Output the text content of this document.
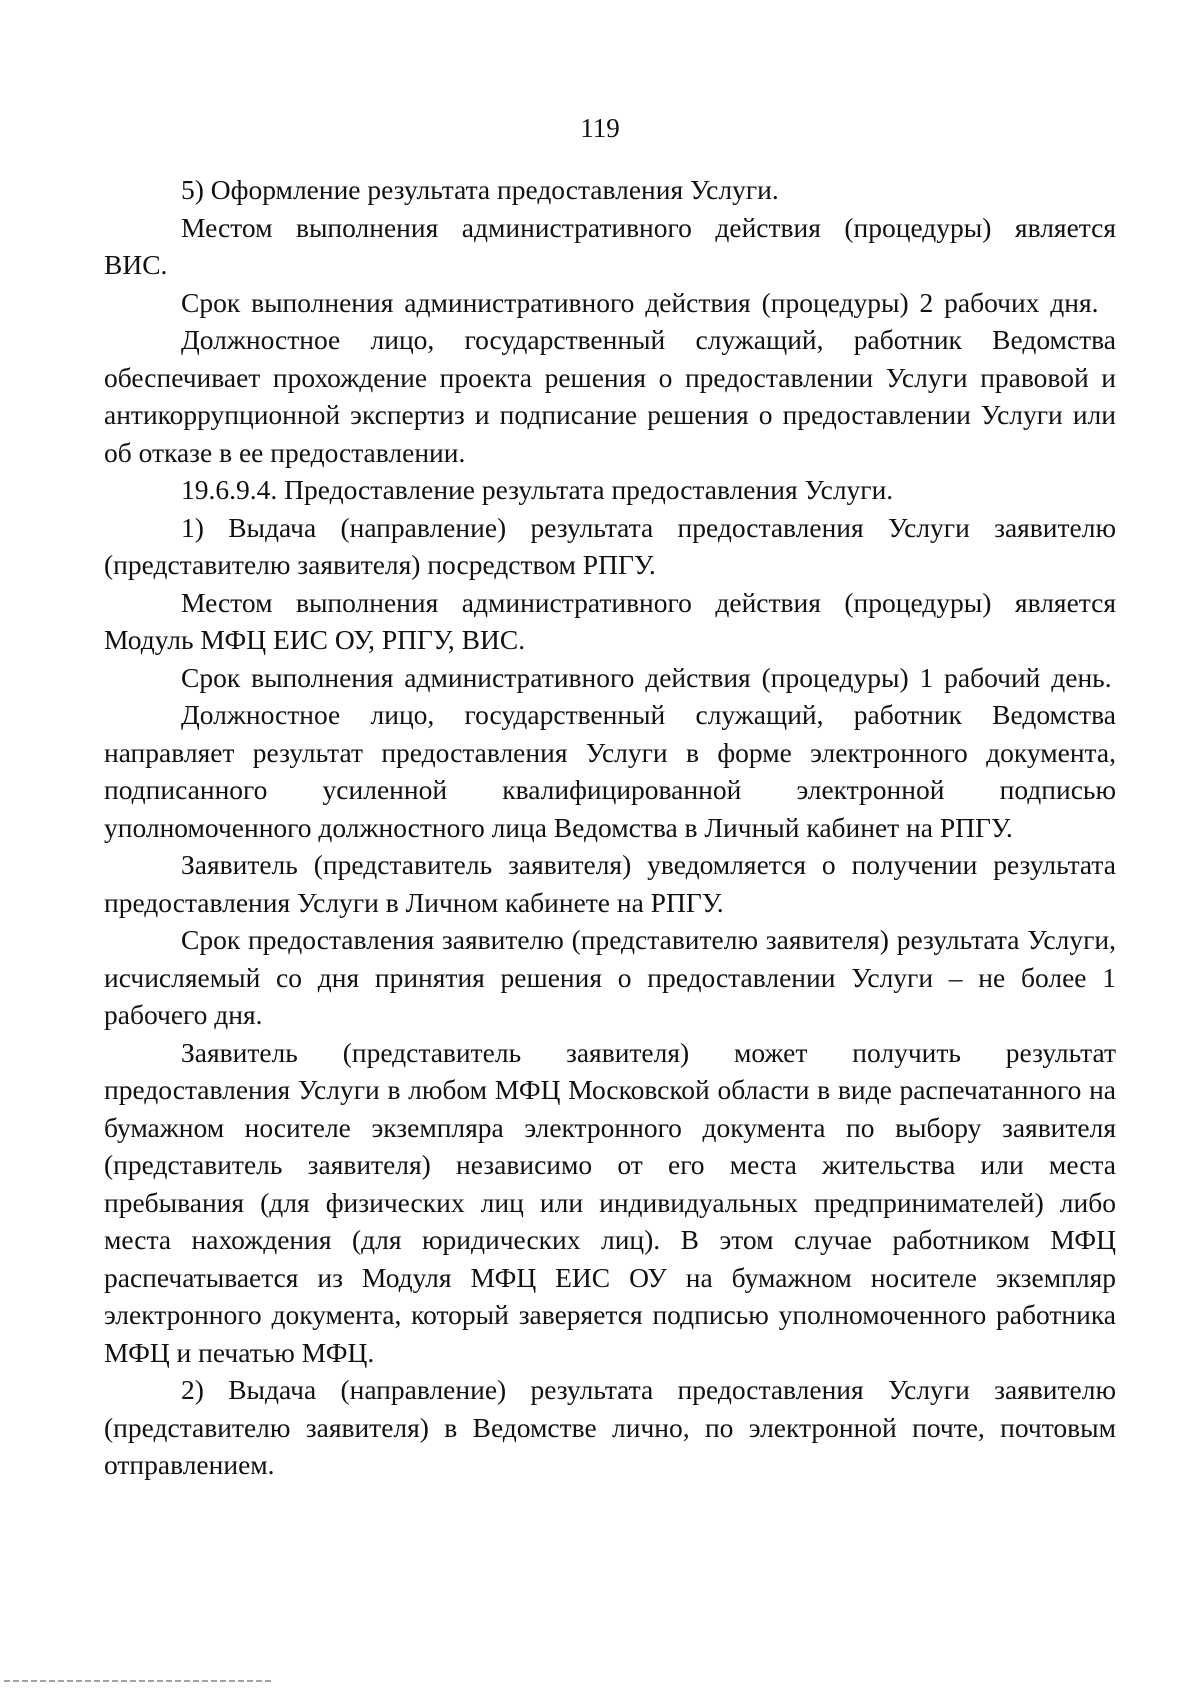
119

5) Оформление результата предоставления Услуги.

Местом выполнения административного действия (процедуры) является ВИС.

Срок выполнения административного действия (процедуры) 2 рабочих дня.

Должностное лицо, государственный служащий, работник Ведомства обеспечивает прохождение проекта решения о предоставлении Услуги правовой и антикоррупционной экспертиз и подписание решения о предоставлении Услуги или об отказе в ее предоставлении.

19.6.9.4. Предоставление результата предоставления Услуги.

1) Выдача (направление) результата предоставления Услуги заявителю (представителю заявителя) посредством РПГУ.

Местом выполнения административного действия (процедуры) является Модуль МФЦ ЕИС ОУ, РПГУ, ВИС.

Срок выполнения административного действия (процедуры) 1 рабочий день.

Должностное лицо, государственный служащий, работник Ведомства направляет результат предоставления Услуги в форме электронного документа, подписанного усиленной квалифицированной электронной подписью уполномоченного должностного лица Ведомства в Личный кабинет на РПГУ.

Заявитель (представитель заявителя) уведомляется о получении результата предоставления Услуги в Личном кабинете на РПГУ.

Срок предоставления заявителю (представителю заявителя) результата Услуги, исчисляемый со дня принятия решения о предоставлении Услуги – не более 1 рабочего дня.

Заявитель (представитель заявителя) может получить результат предоставления Услуги в любом МФЦ Московской области в виде распечатанного на бумажном носителе экземпляра электронного документа по выбору заявителя (представитель заявителя) независимо от его места жительства или места пребывания (для физических лиц или индивидуальных предпринимателей) либо места нахождения (для юридических лиц). В этом случае работником МФЦ распечатывается из Модуля МФЦ ЕИС ОУ на бумажном носителе экземпляр электронного документа, который заверяется подписью уполномоченного работника МФЦ и печатью МФЦ.

2) Выдача (направление) результата предоставления Услуги заявителю (представителю заявителя) в Ведомстве лично, по электронной почте, почтовым отправлением.
